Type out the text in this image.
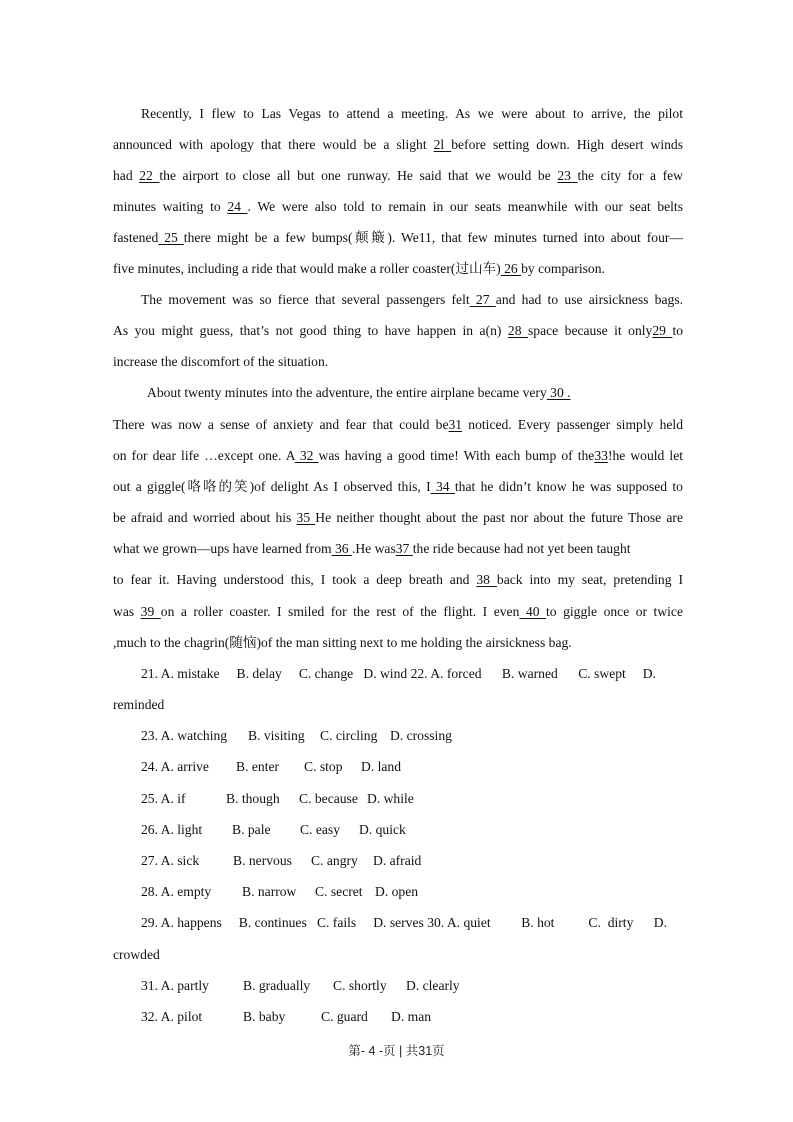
Recently, I flew to Las Vegas to attend a meeting. As we were about to arrive, the pilot
announced with apology that there would be a slight 2l before setting down. High desert winds
had 22 the airport to close all but one runway. He said that we would be 23 the city for a few
minutes waiting to 24 . We were also told to remain in our seats meanwhile with our seat belts
fastened 25 there might be a few bumps(颠簸). We11, that few minutes turned into about four—
five minutes, including a ride that would make a roller coaster(过山车) 26 by comparison.
The movement was so fierce that several passengers felt 27 and had to use airsickness bags.
As you might guess, that’s not good thing to have happen in a(n) 28 space because it only29 to
increase the discomfort of the situation.
About twenty minutes into the adventure, the entire airplane became very 30 .
There was now a sense of anxiety and fear that could be31 noticed. Every passenger simply held
on for dear life …except one. A 32 was having a good time! With each bump of the33!he would let
out a giggle(咯咯的笑)of delight As I observed this, I 34 that he didn’t know he was supposed to
be afraid and worried about his 35 He neither thought about the past nor about the future Those are
what we grown—ups have learned from 36 .He was37 the ride because had not yet been taught
to fear it. Having understood this, I took a deep breath and 38 back into my seat, pretending I
was 39 on a roller coaster. I smiled for the rest of the flight. I even 40 to giggle once or twice
,much to the chagrin(随恼)of the man sitting next to me holding the airsickness bag.
21. A. mistake     B. delay     C. change   D. wind 22. A. forced      B. warned      C. swept     D.
reminded
23. A. watching B. visiting C. circling D. crossing
24. A. arrive B. enter C. stop D. land
25. A. if	B. though C. because D. while
26. A. light B. pale C. easy D. quick
27. A. sick B. nervous C. angry D. afraid
28. A. empty B. narrow C. secret D. open
29. A. happens     B. continues   C. fails     D. serves 30. A. quiet         B. hot          C.  dirty      D.
crowded
31. A. partly	B. gradually C. shortly D. clearly
32. A. pilot	B. baby	C. guard D. man
第- 4 -页 | 共31页
